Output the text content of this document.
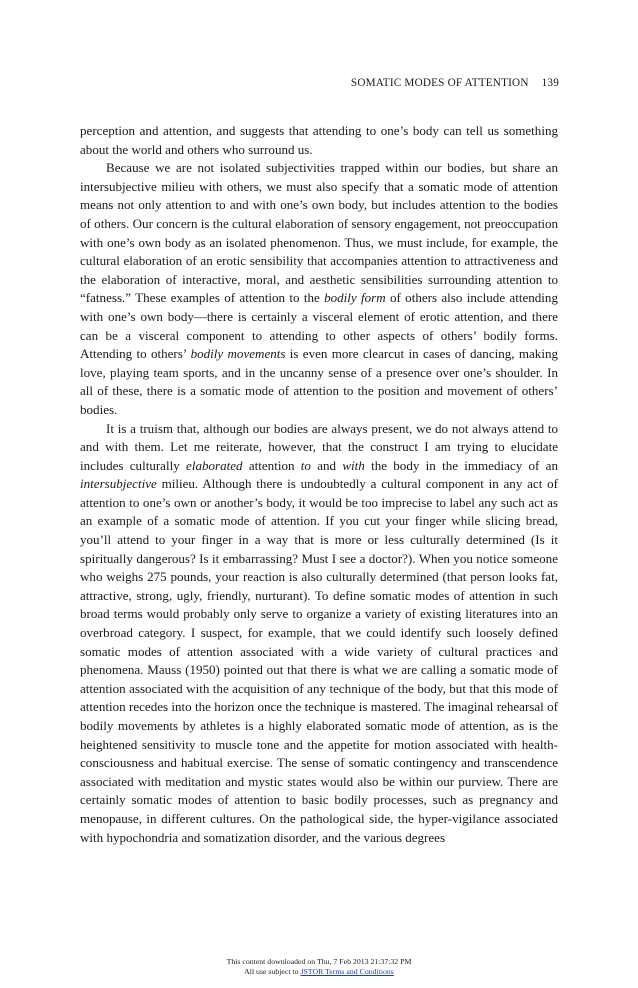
SOMATIC MODES OF ATTENTION 139

perception and attention, and suggests that attending to one’s body can tell us something about the world and others who surround us.

Because we are not isolated subjectivities trapped within our bodies, but share an intersubjective milieu with others, we must also specify that a somatic mode of attention means not only attention to and with one’s own body, but includes attention to the bodies of others. Our concern is the cultural elaboration of sensory engagement, not preoccupation with one’s own body as an isolated phenomenon. Thus, we must include, for example, the cultural elaboration of an erotic sensibility that accompanies attention to attractiveness and the elaboration of interactive, moral, and aesthetic sensibilities surrounding attention to “fatness.” These examples of attention to the bodily form of others also include attending with one’s own body—there is certainly a visceral element of erotic attention, and there can be a visceral component to attending to other aspects of others’ bodily forms. Attending to others’ bodily movements is even more clearcut in cases of dancing, making love, playing team sports, and in the uncanny sense of a presence over one’s shoulder. In all of these, there is a somatic mode of attention to the position and movement of others’ bodies.

It is a truism that, although our bodies are always present, we do not always attend to and with them. Let me reiterate, however, that the construct I am trying to elucidate includes culturally elaborated attention to and with the body in the immediacy of an intersubjective milieu. Although there is undoubtedly a cultural component in any act of attention to one’s own or another’s body, it would be too imprecise to label any such act as an example of a somatic mode of attention. If you cut your finger while slicing bread, you’ll attend to your finger in a way that is more or less culturally determined (Is it spiritually dangerous? Is it embarrassing? Must I see a doctor?). When you notice someone who weighs 275 pounds, your reaction is also culturally determined (that person looks fat, attractive, strong, ugly, friendly, nurturant). To define somatic modes of attention in such broad terms would probably only serve to organize a variety of existing literatures into an overbroad category. I suspect, for example, that we could identify such loosely defined somatic modes of attention associated with a wide variety of cultural practices and phenomena. Mauss (1950) pointed out that there is what we are calling a somatic mode of attention associated with the acquisition of any technique of the body, but that this mode of attention recedes into the horizon once the technique is mastered. The imaginal rehearsal of bodily movements by athletes is a highly elaborated somatic mode of attention, as is the heightened sensitivity to muscle tone and the appetite for motion associated with health-consciousness and habitual exercise. The sense of somatic contingency and transcendence associated with meditation and mystic states would also be within our purview. There are certainly somatic modes of attention to basic bodily processes, such as pregnancy and menopause, in different cultures. On the pathological side, the hyper-vigilance associated with hypochondria and somatization disorder, and the various degrees

This content downloaded on Thu, 7 Feb 2013 21:37:32 PM
All use subject to JSTOR Terms and Conditions
